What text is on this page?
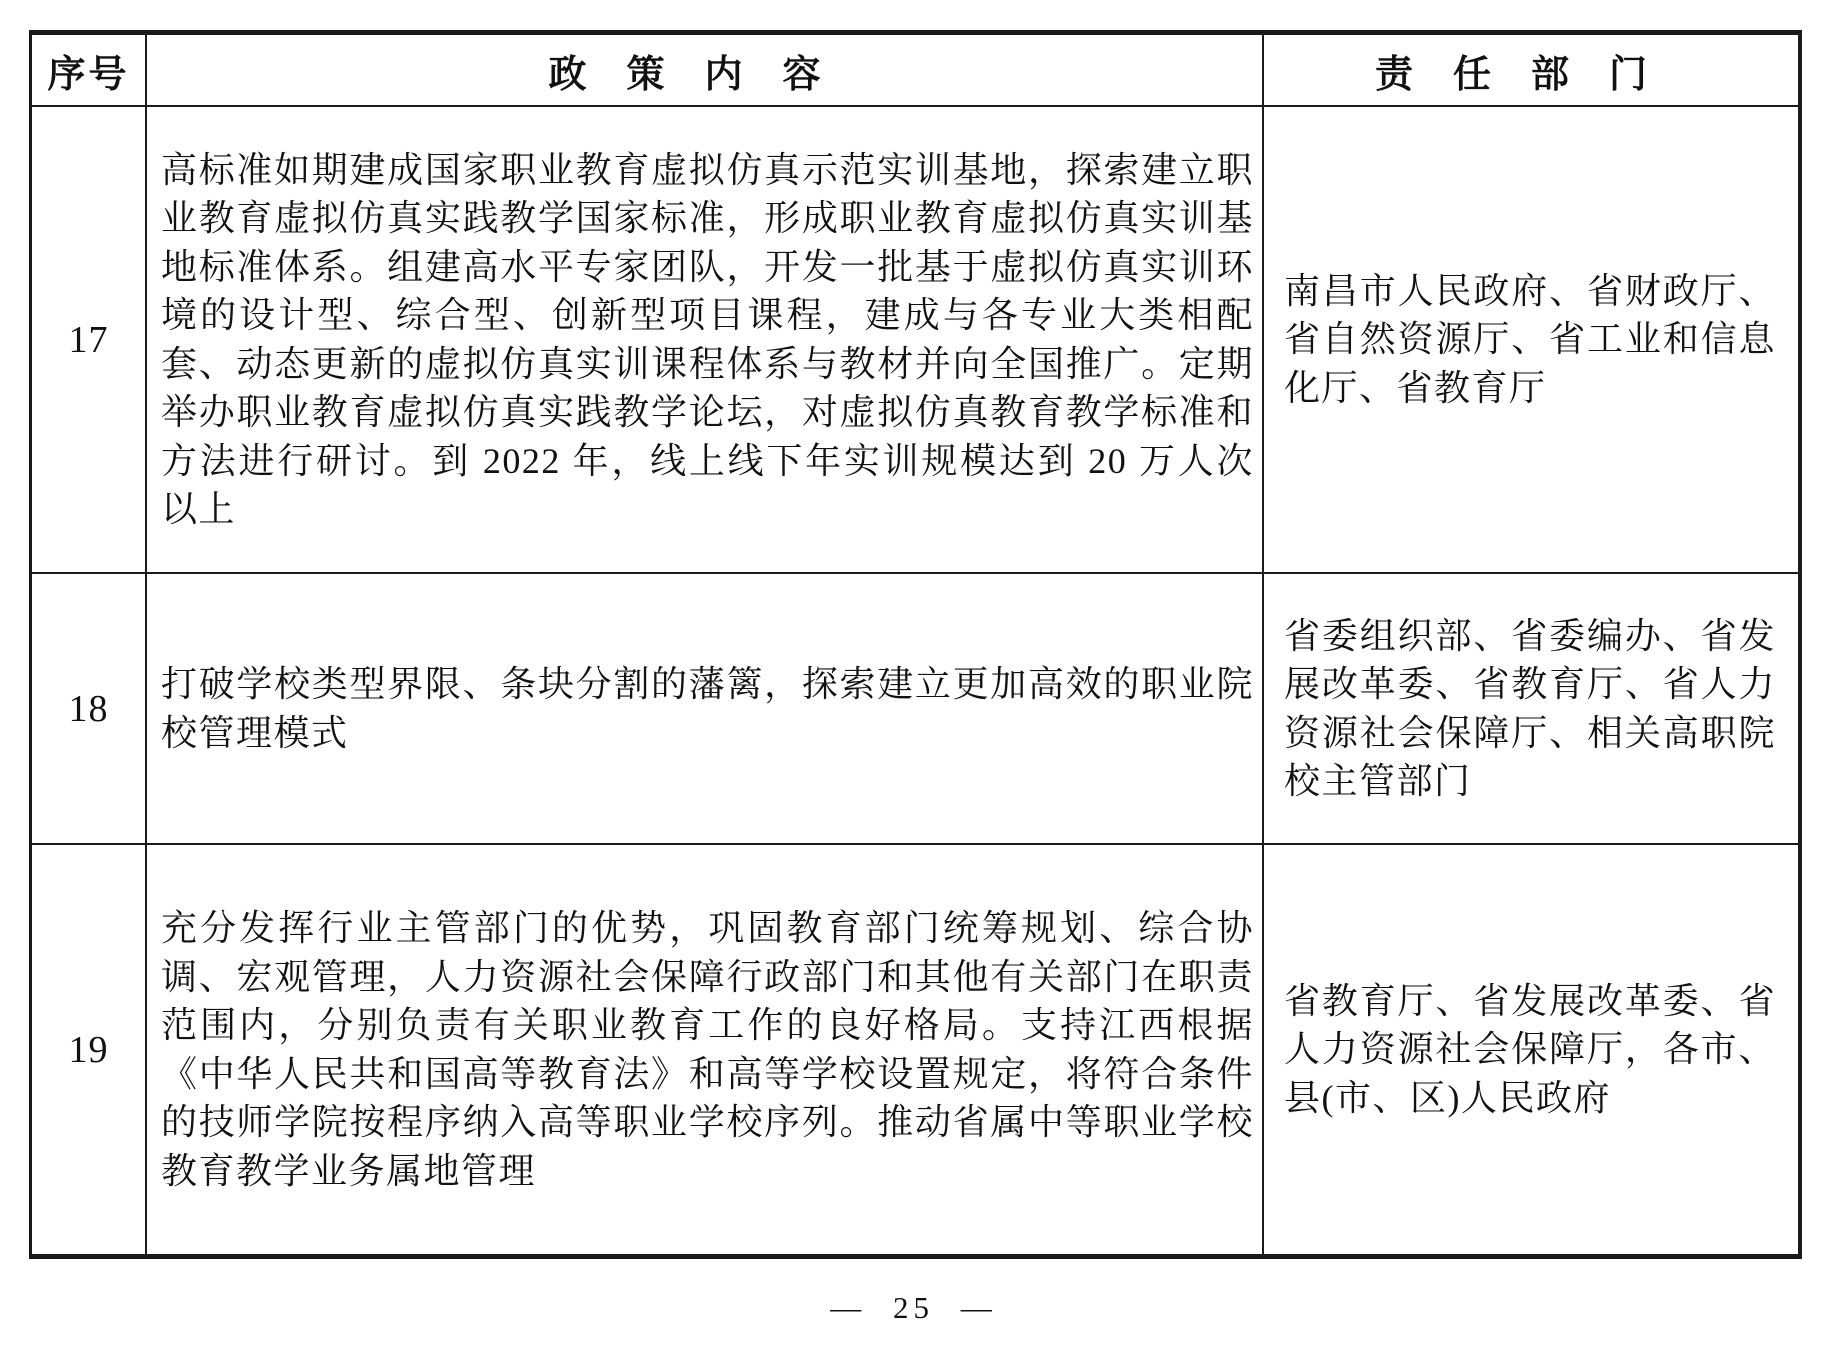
序号	政策内容	责任部门
17
高标准如期建成国家职业教育虚拟仿真示范实训基地，探索建立职业教育虚拟仿真实践教学国家标准，形成职业教育虚拟仿真实训基地标准体系。组建高水平专家团队，开发一批基于虚拟仿真实训环境的设计型、综合型、创新型项目课程，建成与各专业大类相配套、动态更新的虚拟仿真实训课程体系与教材并向全国推广。定期举办职业教育虚拟仿真实践教学论坛，对虚拟仿真教育教学标准和方法进行研讨。到 2022 年，线上线下年实训规模达到 20 万人次以上
南昌市人民政府、省财政厅、省自然资源厅、省工业和信息化厅、省教育厅
18
打破学校类型界限、条块分割的藩篱，探索建立更加高效的职业院校管理模式
省委组织部、省委编办、省发展改革委、省教育厅、省人力资源社会保障厅、相关高职院校主管部门
19
充分发挥行业主管部门的优势，巩固教育部门统筹规划、综合协调、宏观管理，人力资源社会保障行政部门和其他有关部门在职责范围内，分别负责有关职业教育工作的良好格局。支持江西根据《中华人民共和国高等教育法》和高等学校设置规定，将符合条件的技师学院按程序纳入高等职业学校序列。推动省属中等职业学校教育教学业务属地管理
省教育厅、省发展改革委、省人力资源社会保障厅，各市、县(市、区)人民政府
— 25 —
